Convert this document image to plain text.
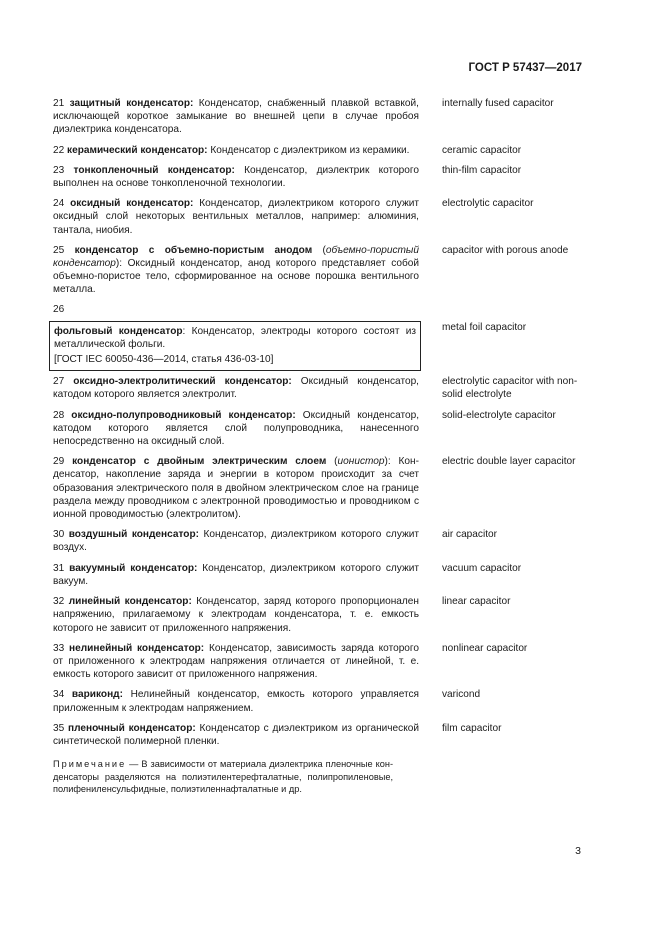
ГОСТ Р 57437—2017
21 защитный конденсатор: Конденсатор, снабженный плавкой вставкой, исключающей короткое замыкание во внешней цепи в случае пробоя диэлектрика конденсатора.
internally fused capacitor
22 керамический конденсатор: Конденсатор с диэлектриком из керамики.	ceramic capacitor
23 тонкопленочный конденсатор: Конденсатор, диэлектрик которого выполнен на основе тонкопленочной технологии.
thin-film capacitor
24 оксидный конденсатор: Конденсатор, диэлектриком которого служит оксидный слой некоторых вентильных металлов, например: алюминия, тантала, ниобия.
electrolytic capacitor
25 конденсатор с объемно-пористым анодом (объемно-пористый конденсатор): Оксидный конденсатор, анод которого представляет собой объемно-пористое тело, сформированное на основе порошка вентильного металла.
capacitor with porous anode
26
фольговый конденсатор: Конденсатор, электроды которого состоят из металлической фольги.
[ГОСТ IEC 60050-436—2014, статья 436-03-10]
metal foil capacitor
27 оксидно-электролитический конденсатор: Оксидный конденсатор, катодом которого является электролит.
electrolytic capacitor with non-solid electrolyte
28 оксидно-полупроводниковый конденсатор: Оксидный конденсатор, катодом которого является слой полупроводника, нанесенного непосредственно на оксидный слой.
solid-electrolyte capacitor
29 конденсатор с двойным электрическим слоем (ионистор): Конденсатор, накопление заряда и энергии в котором происходит за счет образования электрического поля в двойном электрическом слое на границе раздела между проводником с электронной проводимостью и проводником с ионной проводимостью (электролитом).
electric double layer capacitor
30 воздушный конденсатор: Конденсатор, диэлектриком которого служит воздух.
air capacitor
31 вакуумный конденсатор: Конденсатор, диэлектриком которого служит вакуум.
vacuum capacitor
32 линейный конденсатор: Конденсатор, заряд которого пропорционален напряжению, прилагаемому к электродам конденсатора, т. е. емкость которого не зависит от приложенного напряжения.
linear capacitor
33 нелинейный конденсатор: Конденсатор, зависимость заряда которого от приложенного к электродам напряжения отличается от линейной, т. е. емкость которого зависит от приложенного напряжения.
nonlinear capacitor
34 вариконд: Нелинейный конденсатор, емкость которого управляется приложенным к электродам напряжением.
varicond
35 пленочный конденсатор: Конденсатор с диэлектриком из органической синтетической полимерной пленки.
film capacitor
Примечание — В зависимости от материала диэлектрика пленочные конденсаторы разделяются на полиэтилентерефталатные, полипропиленовые, полифениленсульфидные, полиэтиленнафталатные и др.
3
